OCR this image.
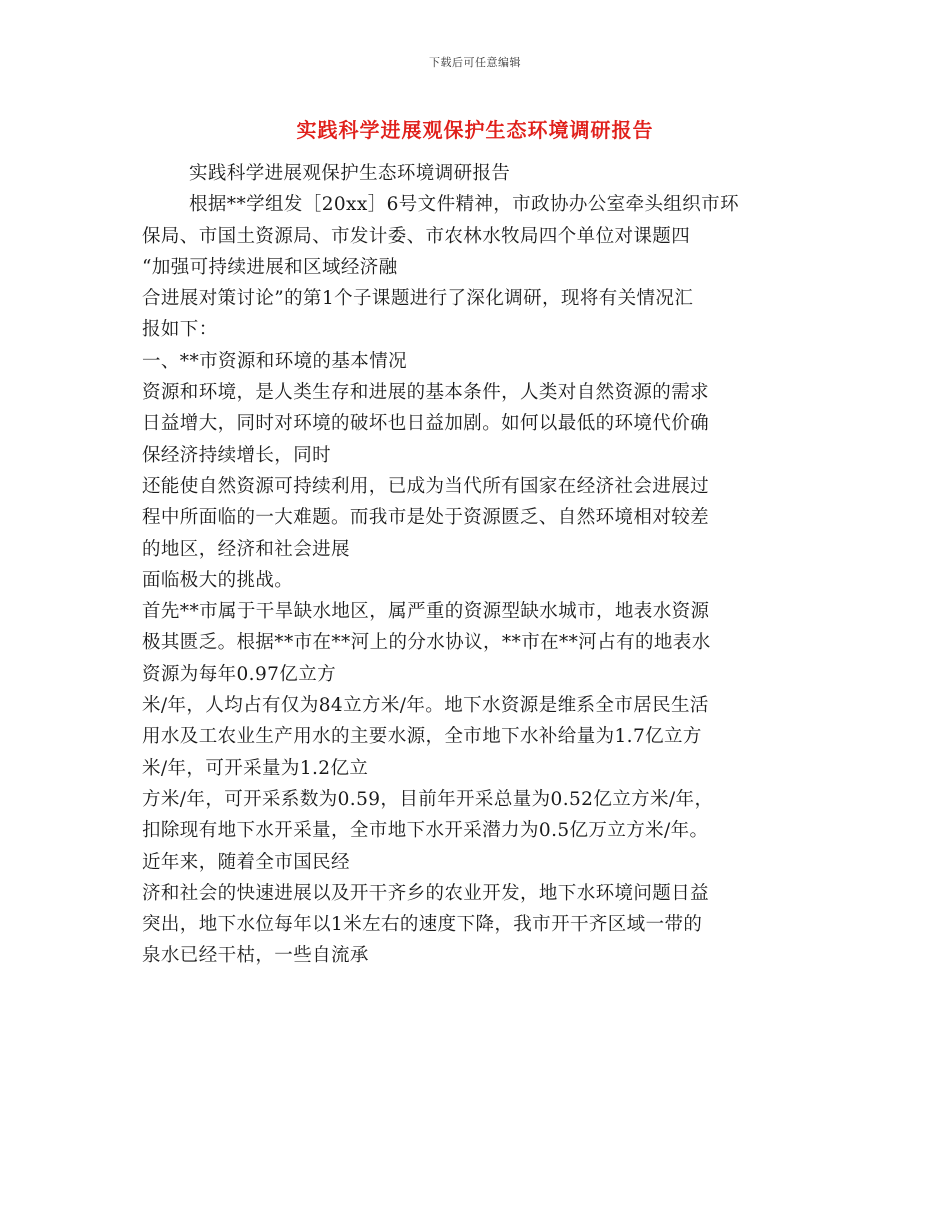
下载后可任意编辑
实践科学进展观保护生态环境调研报告
实践科学进展观保护生态环境调研报告
根据**学组发［20xx］6号文件精神，市政协办公室牵头组织市环
保局、市国土资源局、市发计委、市农林水牧局四个单位对课题四
“加强可持续进展和区域经济融
合进展对策讨论”的第1个子课题进行了深化调研，现将有关情况汇
报如下：
一、**市资源和环境的基本情况
资源和环境，是人类生存和进展的基本条件，人类对自然资源的需求
日益增大，同时对环境的破坏也日益加剧。如何以最低的环境代价确
保经济持续增长，同时
还能使自然资源可持续利用，已成为当代所有国家在经济社会进展过
程中所面临的一大难题。而我市是处于资源匮乏、自然环境相对较差
的地区，经济和社会进展
面临极大的挑战。
首先**市属于干旱缺水地区，属严重的资源型缺水城市，地表水资源
极其匮乏。根据**市在**河上的分水协议，**市在**河占有的地表水
资源为每年0.97亿立方
米/年，人均占有仅为84立方米/年。地下水资源是维系全市居民生活
用水及工农业生产用水的主要水源，全市地下水补给量为1.7亿立方
米/年，可开采量为1.2亿立
方米/年，可开采系数为0.59，目前年开采总量为0.52亿立方米/年，
扣除现有地下水开采量，全市地下水开采潜力为0.5亿万立方米/年。
近年来，随着全市国民经
济和社会的快速进展以及开干齐乡的农业开发，地下水环境问题日益
突出，地下水位每年以1米左右的速度下降，我市开干齐区域一带的
泉水已经干枯，一些自流承
